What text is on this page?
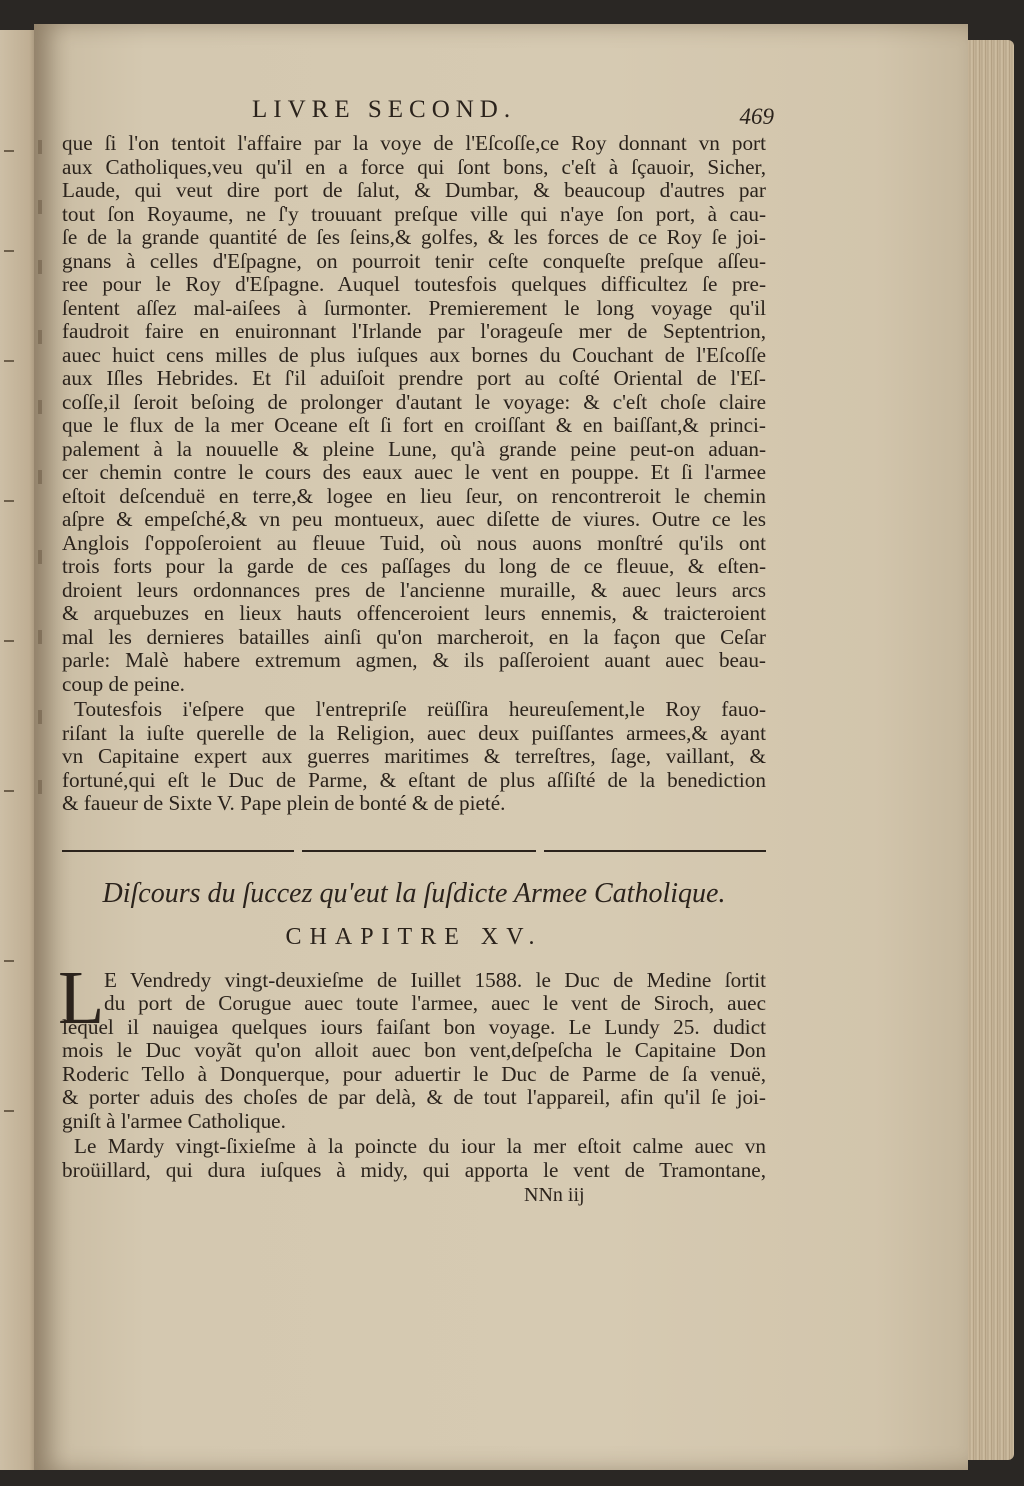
LIVRE SECOND.	469
que ſi l'on tentoit l'affaire par la voye de l'Eſcoſſe,ce Roy donnant vn port
aux Catholiques,veu qu'il en a force qui ſont bons, c'eſt à ſçauoir, Sicher,
Laude, qui veut dire port de ſalut, & Dumbar, & beaucoup d'autres par
tout ſon Royaume, ne ſ'y trouuant preſque ville qui n'aye ſon port, à cau-
ſe de la grande quantité de ſes ſeins,& golfes, & les forces de ce Roy ſe joi-
gnans à celles d'Eſpagne, on pourroit tenir ceſte conqueſte preſque aſſeu-
ree pour le Roy d'Eſpagne. Auquel toutesfois quelques difficultez ſe pre-
ſentent aſſez mal-aiſees à ſurmonter. Premierement le long voyage qu'il
faudroit faire en enuironnant l'Irlande par l'orageuſe mer de Septentrion,
auec huict cens milles de plus iuſques aux bornes du Couchant de l'Eſcoſſe
aux Iſles Hebrides. Et ſ'il aduiſoit prendre port au coſté Oriental de l'Eſ-
coſſe,il ſeroit beſoing de prolonger d'autant le voyage: & c'eſt choſe claire
que le flux de la mer Oceane eſt ſi fort en croiſſant & en baiſſant,& princi-
palement à la nouuelle & pleine Lune, qu'à grande peine peut-on aduan-
cer chemin contre le cours des eaux auec le vent en pouppe. Et ſi l'armee
eſtoit deſcenduë en terre,& logee en lieu ſeur, on rencontreroit le chemin
aſpre & empeſché,& vn peu montueux, auec diſette de viures. Outre ce les
Anglois ſ'oppoſeroient au fleuue Tuid, où nous auons monſtré qu'ils ont
trois forts pour la garde de ces paſſages du long de ce fleuue, & eſten-
droient leurs ordonnances pres de l'ancienne muraille, & auec leurs arcs
& arquebuzes en lieux hauts offenceroient leurs ennemis, & traicteroient
mal les dernieres batailles ainſi qu'on marcheroit, en la façon que Ceſar
parle: Malè habere extremum agmen, & ils paſſeroient auant auec beau-
coup de peine.
Toutesfois i'eſpere que l'entrepriſe reüſſira heureuſement,le Roy fauo-
riſant la iuſte querelle de la Religion, auec deux puiſſantes armees,& ayant
vn Capitaine expert aux guerres maritimes & terreſtres, ſage, vaillant, &
fortuné,qui eſt le Duc de Parme, & eſtant de plus aſſiſté de la benediction
& faueur de Sixte V. Pape plein de bonté & de pieté.
Diſcours du ſuccez qu'eut la ſuſdicte Armee Catholique.
CHAPITRE XV.
L E Vendredy vingt-deuxieſme de Iuillet 1588. le Duc de Medine ſortit
du port de Corugue auec toute l'armee, auec le vent de Siroch, auec
lequel il nauigea quelques iours faiſant bon voyage. Le Lundy 25. dudict
mois le Duc voyãt qu'on alloit auec bon vent,deſpeſcha le Capitaine Don
Roderic Tello à Donquerque, pour aduertir le Duc de Parme de ſa venuë,
& porter aduis des choſes de par delà, & de tout l'appareil, afin qu'il ſe joi-
gniſt à l'armee Catholique.
Le Mardy vingt-ſixieſme à la poincte du iour la mer eſtoit calme auec vn
broüillard, qui dura iuſques à midy, qui apporta le vent de Tramontane,
NNn iij
